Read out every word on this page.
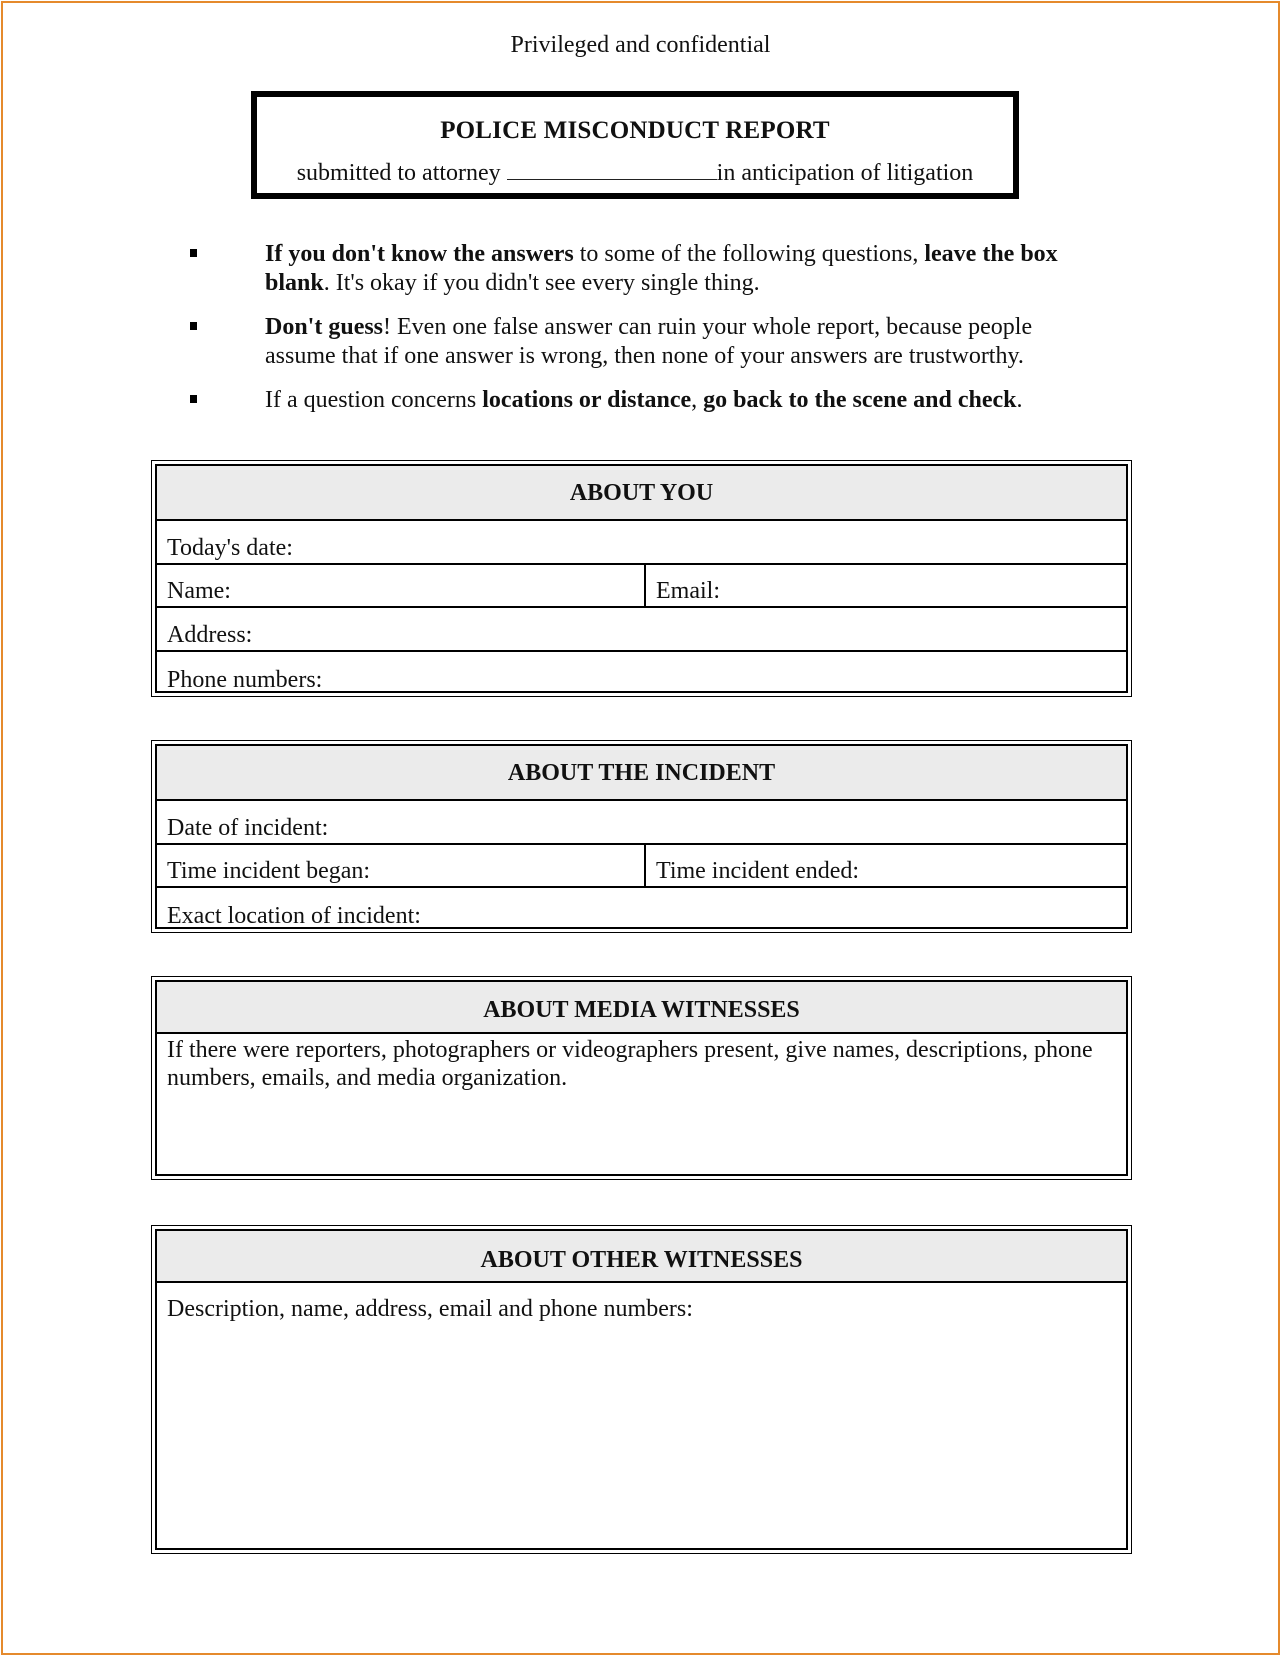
Privileged and confidential
POLICE MISCONDUCT REPORT
submitted to attorney	in anticipation of litigation
If you don't know the answers to some of the following questions, leave the box blank. It's okay if you didn't see every single thing.
Don't guess! Even one false answer can ruin your whole report, because people assume that if one answer is wrong, then none of your answers are trustworthy.
If a question concerns locations or distance, go back to the scene and check.
ABOUT YOU
Today's date:
Name:	Email:
Address:
Phone numbers:
ABOUT THE INCIDENT
Date of incident:
Time incident began:	Time incident ended:
Exact location of incident:
ABOUT MEDIA WITNESSES
If there were reporters, photographers or videographers present, give names, descriptions, phone numbers, emails, and media organization.
ABOUT OTHER WITNESSES
Description, name, address, email and phone numbers:
